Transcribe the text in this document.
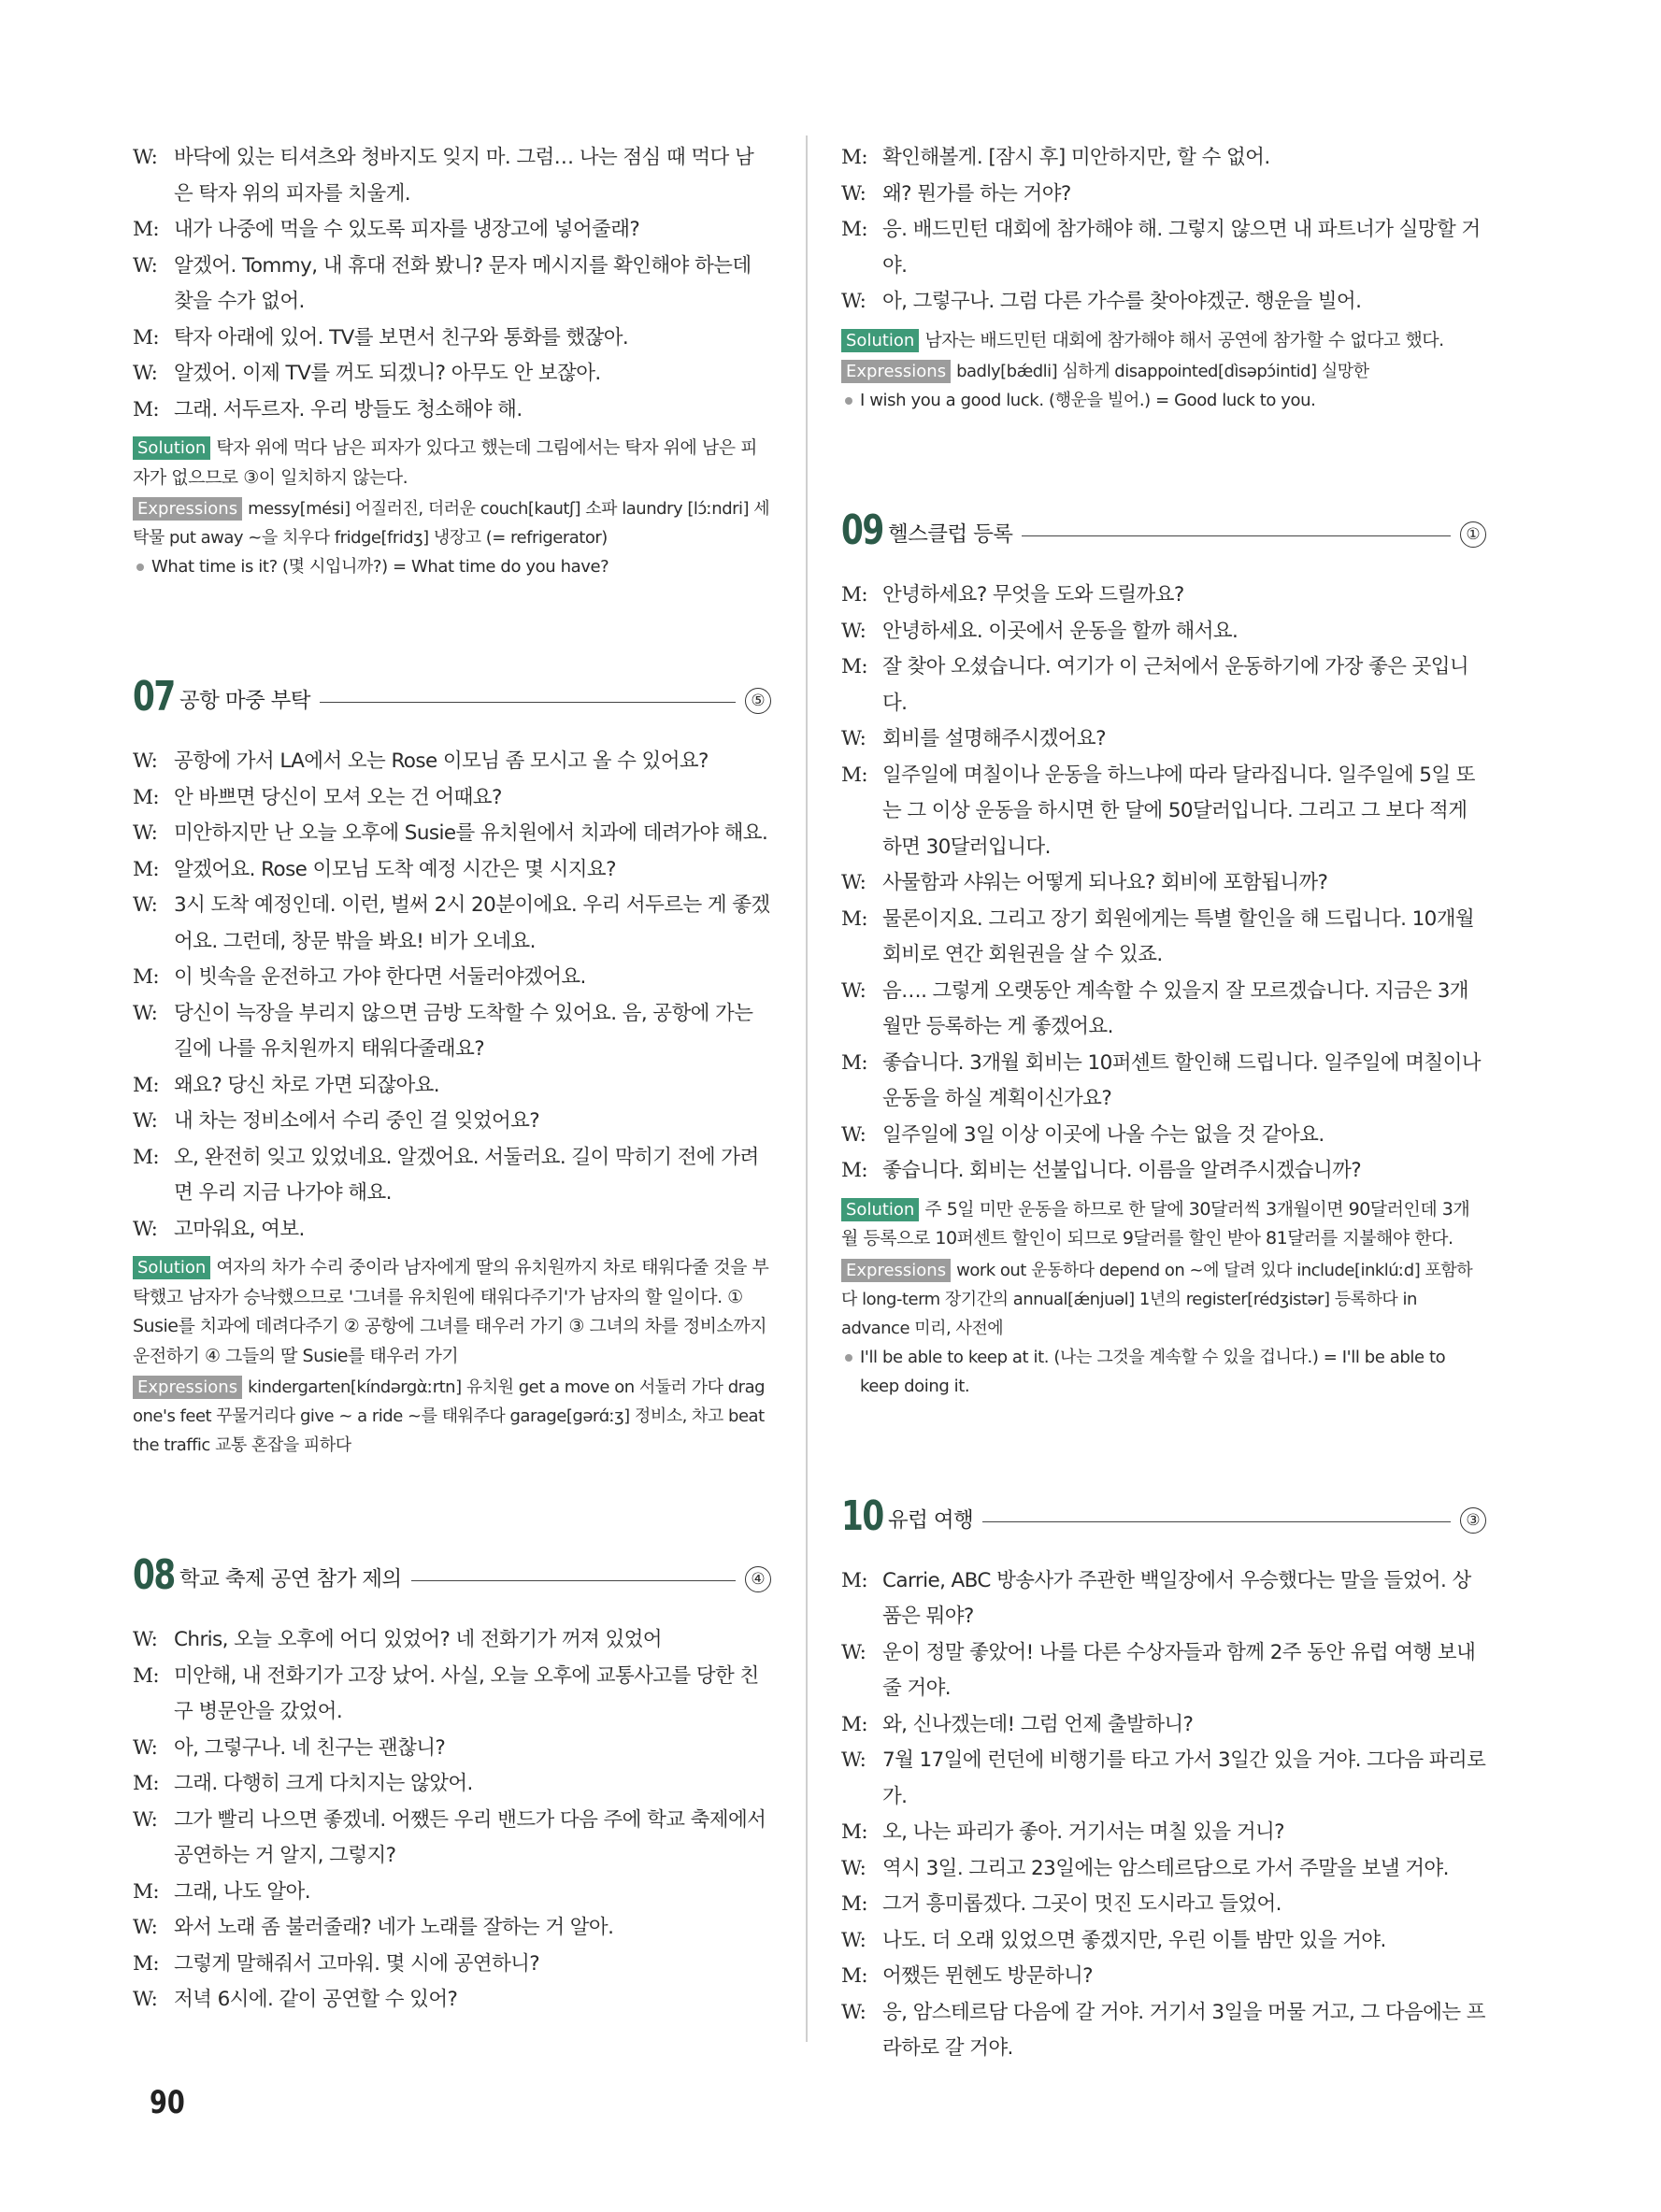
W: 바닥에 있는 티셔츠와 청바지도 잊지 마. 그럼… 나는 점심 때 먹다 남은 탁자 위의 피자를 치울게.
M: 내가 나중에 먹을 수 있도록 피자를 냉장고에 넣어줄래?
W: 알겠어. Tommy, 내 휴대 전화 봤니? 문자 메시지를 확인해야 하는데 찾을 수가 없어.
M: 탁자 아래에 있어. TV를 보면서 친구와 통화를 했잖아.
W: 알겠어. 이제 TV를 꺼도 되겠니? 아무도 안 보잖아.
M: 그래. 서두르자. 우리 방들도 청소해야 해.
Solution 탁자 위에 먹다 남은 피자가 있다고 했는데 그림에서는 탁자 위에 남은 피자가 없으므로 ③이 일치하지 않는다.
Expressions messy[mési] 어질러진, 더러운 couch[kautʃ] 소파 laundry [lɔ́ːndri] 세탁물 put away ~을 치우다 fridge[fridʒ] 냉장고 (= refrigerator)
What time is it? (몇 시입니까?) = What time do you have?
07 공항 마중 부탁	⑤
W: 공항에 가서 LA에서 오는 Rose 이모님 좀 모시고 올 수 있어요?
M: 안 바쁘면 당신이 모셔 오는 건 어때요?
W: 미안하지만 난 오늘 오후에 Susie를 유치원에서 치과에 데려가야 해요.
M: 알겠어요. Rose 이모님 도착 예정 시간은 몇 시지요?
W: 3시 도착 예정인데. 이런, 벌써 2시 20분이에요. 우리 서두르는 게 좋겠어요. 그런데, 창문 밖을 봐요! 비가 오네요.
M: 이 빗속을 운전하고 가야 한다면 서둘러야겠어요.
W: 당신이 늑장을 부리지 않으면 금방 도착할 수 있어요. 음, 공항에 가는 길에 나를 유치원까지 태워다줄래요?
M: 왜요? 당신 차로 가면 되잖아요.
W: 내 차는 정비소에서 수리 중인 걸 잊었어요?
M: 오, 완전히 잊고 있었네요. 알겠어요. 서둘러요. 길이 막히기 전에 가려면 우리 지금 나가야 해요.
W: 고마워요, 여보.
Solution 여자의 차가 수리 중이라 남자에게 딸의 유치원까지 차로 태워다줄 것을 부탁했고 남자가 승낙했으므로 '그녀를 유치원에 태워다주기'가 남자의 할 일이다. ① Susie를 치과에 데려다주기 ② 공항에 그녀를 태우러 가기 ③ 그녀의 차를 정비소까지 운전하기 ④ 그들의 딸 Susie를 태우러 가기
Expressions kindergarten[kíndərgὰːrtn] 유치원 get a move on 서둘러 가다 drag one's feet 꾸물거리다 give ~ a ride ~를 태워주다 garage[gərɑ́ːʒ] 정비소, 차고 beat the traffic 교통 혼잡을 피하다
08 학교 축제 공연 참가 제의	④
W: Chris, 오늘 오후에 어디 있었어? 네 전화기가 꺼져 있었어
M: 미안해, 내 전화기가 고장 났어. 사실, 오늘 오후에 교통사고를 당한 친구 병문안을 갔었어.
W: 아, 그렇구나. 네 친구는 괜찮니?
M: 그래. 다행히 크게 다치지는 않았어.
W: 그가 빨리 나으면 좋겠네. 어쨌든 우리 밴드가 다음 주에 학교 축제에서 공연하는 거 알지, 그렇지?
M: 그래, 나도 알아.
W: 와서 노래 좀 불러줄래? 네가 노래를 잘하는 거 알아.
M: 그렇게 말해줘서 고마워. 몇 시에 공연하니?
W: 저녁 6시에. 같이 공연할 수 있어?
M: 확인해볼게. [잠시 후] 미안하지만, 할 수 없어.
W: 왜? 뭔가를 하는 거야?
M: 응. 배드민턴 대회에 참가해야 해. 그렇지 않으면 내 파트너가 실망할 거야.
W: 아, 그렇구나. 그럼 다른 가수를 찾아야겠군. 행운을 빌어.
Solution 남자는 배드민턴 대회에 참가해야 해서 공연에 참가할 수 없다고 했다.
Expressions badly[bǽdli] 심하게 disappointed[dìsəpɔ́intid] 실망한
I wish you a good luck. (행운을 빌어.) = Good luck to you.
09 헬스클럽 등록	①
M: 안녕하세요? 무엇을 도와 드릴까요?
W: 안녕하세요. 이곳에서 운동을 할까 해서요.
M: 잘 찾아 오셨습니다. 여기가 이 근처에서 운동하기에 가장 좋은 곳입니다.
W: 회비를 설명해주시겠어요?
M: 일주일에 며칠이나 운동을 하느냐에 따라 달라집니다. 일주일에 5일 또는 그 이상 운동을 하시면 한 달에 50달러입니다. 그리고 그 보다 적게 하면 30달러입니다.
W: 사물함과 샤워는 어떻게 되나요? 회비에 포함됩니까?
M: 물론이지요. 그리고 장기 회원에게는 특별 할인을 해 드립니다. 10개월 회비로 연간 회원권을 살 수 있죠.
W: 음…. 그렇게 오랫동안 계속할 수 있을지 잘 모르겠습니다. 지금은 3개월만 등록하는 게 좋겠어요.
M: 좋습니다. 3개월 회비는 10퍼센트 할인해 드립니다. 일주일에 며칠이나 운동을 하실 계획이신가요?
W: 일주일에 3일 이상 이곳에 나올 수는 없을 것 같아요.
M: 좋습니다. 회비는 선불입니다. 이름을 알려주시겠습니까?
Solution 주 5일 미만 운동을 하므로 한 달에 30달러씩 3개월이면 90달러인데 3개월 등록으로 10퍼센트 할인이 되므로 9달러를 할인 받아 81달러를 지불해야 한다.
Expressions work out 운동하다 depend on ~에 달려 있다 include[inklúːd] 포함하다 long-term 장기간의 annual[ǽnjuəl] 1년의 register[rédʒistər] 등록하다 in advance 미리, 사전에
I'll be able to keep at it. (나는 그것을 계속할 수 있을 겁니다.) = I'll be able to keep doing it.
10 유럽 여행	③
M: Carrie, ABC 방송사가 주관한 백일장에서 우승했다는 말을 들었어. 상품은 뭐야?
W: 운이 정말 좋았어! 나를 다른 수상자들과 함께 2주 동안 유럽 여행 보내줄 거야.
M: 와, 신나겠는데! 그럼 언제 출발하니?
W: 7월 17일에 런던에 비행기를 타고 가서 3일간 있을 거야. 그다음 파리로 가.
M: 오, 나는 파리가 좋아. 거기서는 며칠 있을 거니?
W: 역시 3일. 그리고 23일에는 암스테르담으로 가서 주말을 보낼 거야.
M: 그거 흥미롭겠다. 그곳이 멋진 도시라고 들었어.
W: 나도. 더 오래 있었으면 좋겠지만, 우린 이틀 밤만 있을 거야.
M: 어쨌든 뮌헨도 방문하니?
W: 응, 암스테르담 다음에 갈 거야. 거기서 3일을 머물 거고, 그 다음에는 프라하로 갈 거야.
90
